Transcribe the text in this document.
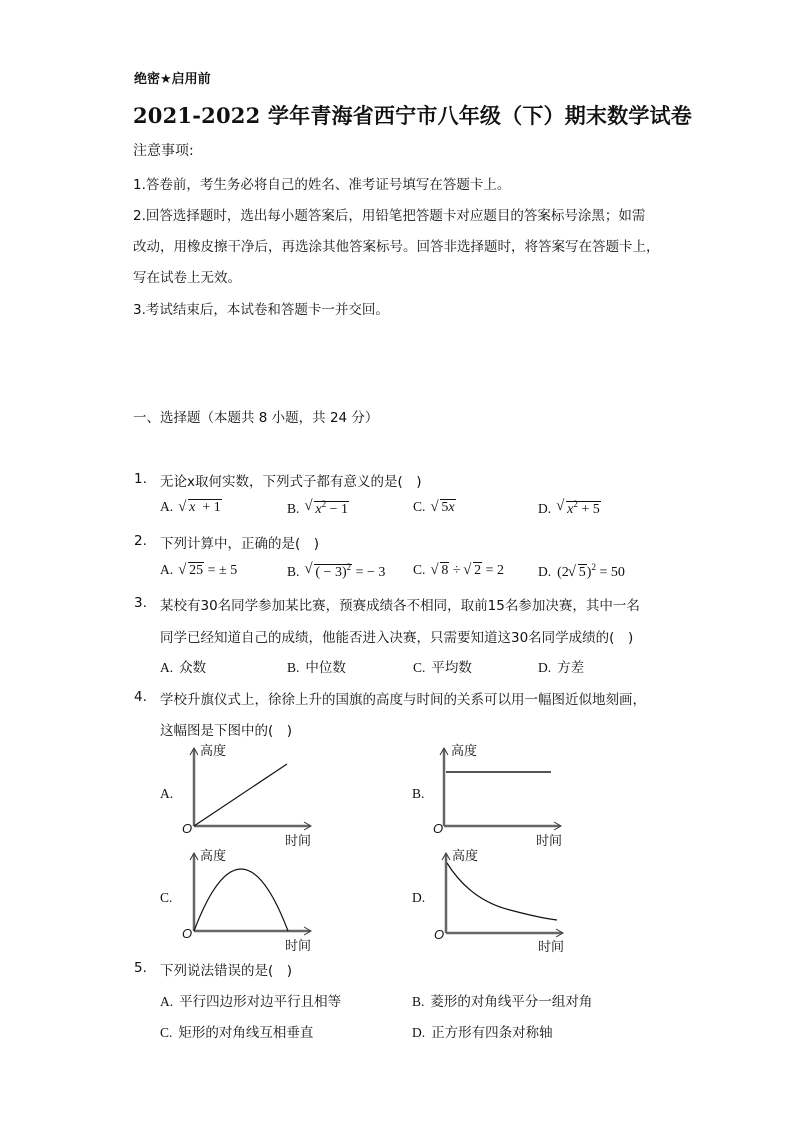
绝密★启用前
2021-2022 学年青海省西宁市八年级（下）期末数学试卷
注意事项:
1.答卷前，考生务必将自己的姓名、准考证号填写在答题卡上。
2.回答选择题时，选出每小题答案后，用铅笔把答题卡对应题目的答案标号涂黑；如需
改动，用橡皮擦干净后，再选涂其他答案标号。回答非选择题时，将答案写在答题卡上，
写在试卷上无效。
3.考试结束后，本试卷和答题卡一并交回。
一、选择题（本题共 8 小题，共 24 分）
1. 无论x取何实数，下列式子都有意义的是(　)
A. √ x  + 1	B. √ $x^2 - 1$	C. √ 5x	D. √ $x^2 + 5$
2. 下列计算中，正确的是(　)
A. √ 25 = ± 5	B. √ ( − 3)$^2$ = − 3 C. √ 8 ÷ √ 2 = 2	D. (2 √ 5)$^2$ = 50
3. 某校有30名同学参加某比赛，预赛成绩各不相同，取前15名参加决赛，其中一名
同学已经知道自己的成绩，他能否进入决赛，只需要知道这30名同学成绩的(　)
A. 众数	B. 中位数	C. 平均数	D. 方差
4. 学校升旗仪式上，徐徐上升的国旗的高度与时间的关系可以用一幅图近似地刻画，
这幅图是下图中的(　)
A.
高度
时间
O
B.
高度
时间
O
C.
高度
时间
O
D.
高度
时间
O
5. 下列说法错误的是(　)
A. 平行四边形对边平行且相等	B. 菱形的对角线平分一组对角
C. 矩形的对角线互相垂直	D. 正方形有四条对称轴
